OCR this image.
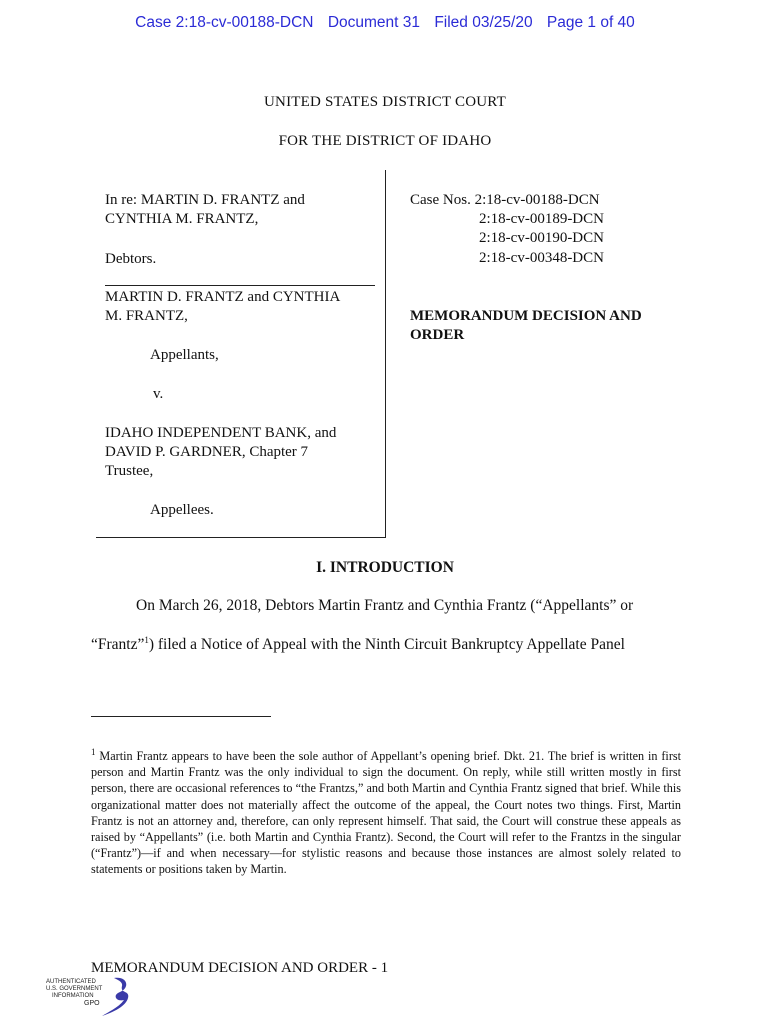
Case 2:18-cv-00188-DCN Document 31 Filed 03/25/20 Page 1 of 40
UNITED STATES DISTRICT COURT
FOR THE DISTRICT OF IDAHO
In re: MARTIN D. FRANTZ and
CYNTHIA M. FRANTZ,
Debtors.
MARTIN D. FRANTZ and CYNTHIA
M. FRANTZ,
Appellants,
v.
IDAHO INDEPENDENT BANK, and
DAVID P. GARDNER, Chapter 7
Trustee,
Appellees.
Case Nos. 2:18-cv-00188-DCN
2:18-cv-00189-DCN
2:18-cv-00190-DCN
2:18-cv-00348-DCN
MEMORANDUM DECISION AND
ORDER
I. INTRODUCTION
On March 26, 2018, Debtors Martin Frantz and Cynthia Frantz (“Appellants” or
“Frantz”$^1$) filed a Notice of Appeal with the Ninth Circuit Bankruptcy Appellate Panel
$^1$ Martin Frantz appears to have been the sole author of Appellant’s opening brief. Dkt. 21. The brief is written in first person and Martin Frantz was the only individual to sign the document. On reply, while still written mostly in first person, there are occasional references to “the Frantzs,” and both Martin and Cynthia Frantz signed that brief. While this organizational matter does not materially affect the outcome of the appeal, the Court notes two things. First, Martin Frantz is not an attorney and, therefore, can only represent himself. That said, the Court will construe these appeals as raised by “Appellants” (i.e. both Martin and Cynthia Frantz). Second, the Court will refer to the Frantzs in the singular (“Frantz”)—if and when necessary—for stylistic reasons and because those instances are almost solely related to statements or positions taken by Martin.
MEMORANDUM DECISION AND ORDER - 1
AUTHENTICATED
U.S. GOVERNMENT
INFORMATION
GPO
